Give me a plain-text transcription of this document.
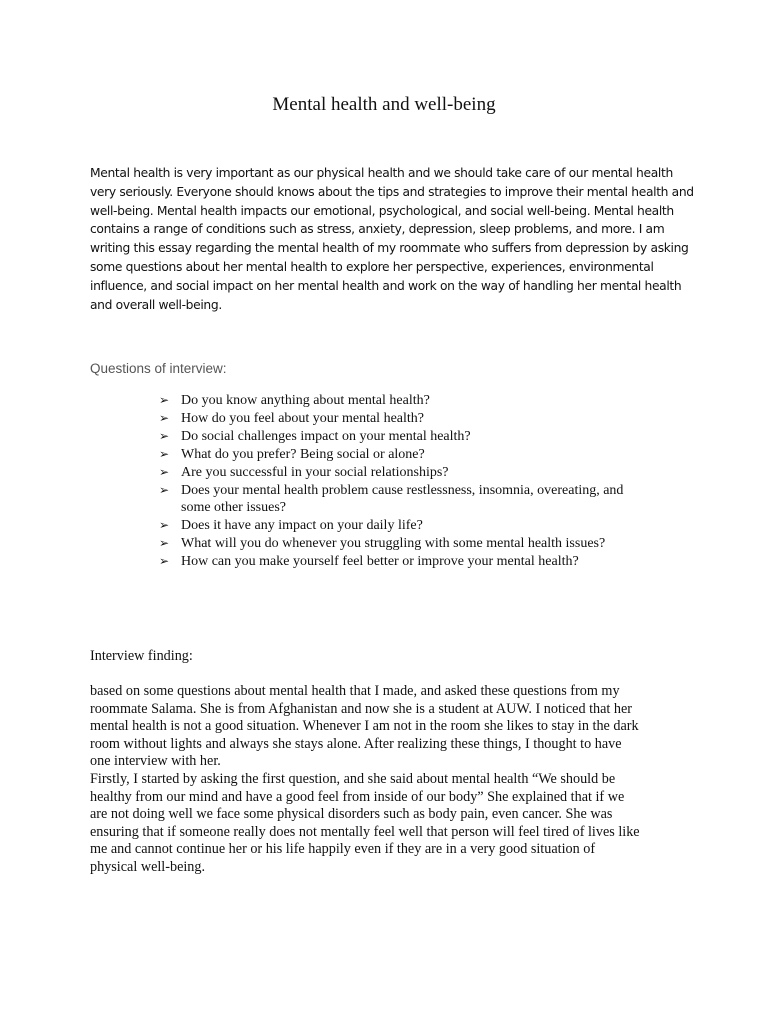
Mental health and well-being
Mental health is very important as our physical health and we should take care of our mental health
very seriously. Everyone should knows about the tips and strategies to improve their mental health and
well-being. Mental health impacts our emotional, psychological, and social well-being. Mental health
contains a range of conditions such as stress, anxiety, depression, sleep problems, and more. I am
writing this essay regarding the mental health of my roommate who suffers from depression by asking
some questions about her mental health to explore her perspective, experiences, environmental
influence, and social impact on her mental health and work on the way of handling her mental health
and overall well-being.
Questions of interview:
➢ Do you know anything about mental health?
➢ How do you feel about your mental health?
➢ Do social challenges impact on your mental health?
➢ What do you prefer? Being social or alone?
➢ Are you successful in your social relationships?
➢ Does your mental health problem cause restlessness, insomnia, overeating, and
some other issues?
➢ Does it have any impact on your daily life?
➢ What will you do whenever you struggling with some mental health issues?
➢ How can you make yourself feel better or improve your mental health?
Interview finding:
based on some questions about mental health that I made, and asked these questions from my
roommate Salama. She is from Afghanistan and now she is a student at AUW. I noticed that her
mental health is not a good situation. Whenever I am not in the room she likes to stay in the dark
room without lights and always she stays alone. After realizing these things, I thought to have
one interview with her.
Firstly, I started by asking the first question, and she said about mental health “We should be
healthy from our mind and have a good feel from inside of our body” She explained that if we
are not doing well we face some physical disorders such as body pain, even cancer. She was
ensuring that if someone really does not mentally feel well that person will feel tired of lives like
me and cannot continue her or his life happily even if they are in a very good situation of
physical well-being.
